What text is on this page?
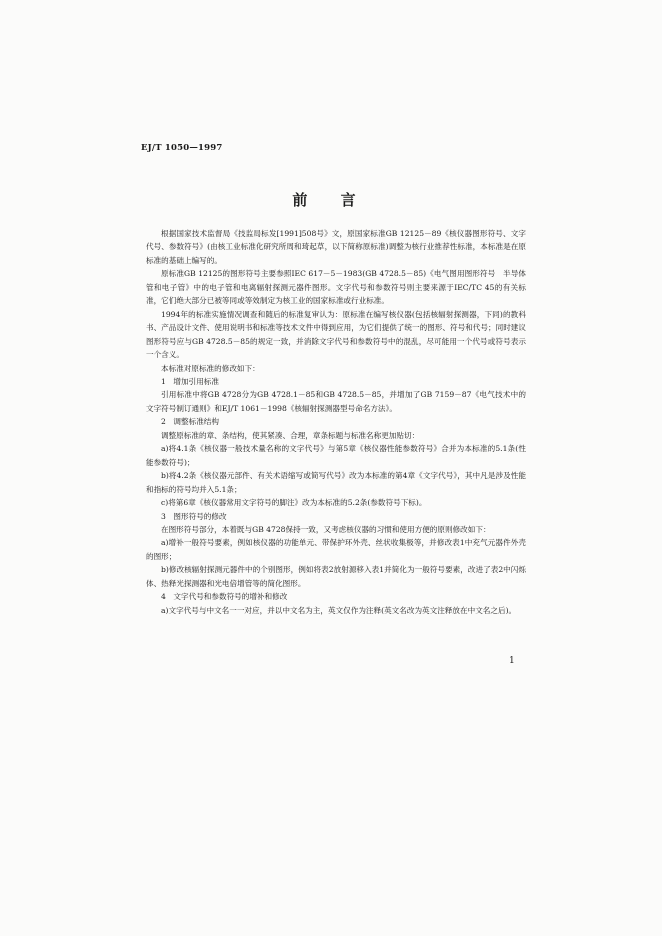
EJ/T 1050—1997
前 言

根据国家技术监督局《技监局标发[1991]508号》文，原国家标准GB 12125－89《核仪器图形符号、文字代号、参数符号》(由核工业标准化研究所周和琦起草，以下简称原标准)调整为核行业推荐性标准，本标准是在原标准的基础上编写的。

原标准GB 12125的图形符号主要参照IEC 617－5－1983(GB 4728.5－85)《电气图用图形符号　半导体管和电子管》中的电子管和电离辐射探测元器件图形。文字代号和参数符号则主要来源于IEC/TC 45的有关标准，它们绝大部分已被等同或等效制定为核工业的国家标准或行业标准。

1994年的标准实施情况调查和随后的标准复审认为：原标准在编写核仪器(包括核辐射探测器，下同)的教科书、产品设计文件、使用说明书和标准等技术文件中得到应用，为它们提供了统一的图形、符号和代号；同时建议图形符号应与GB 4728.5－85的规定一致，并消除文字代号和参数符号中的混乱，尽可能用一个代号或符号表示一个含义。

本标准对原标准的修改如下：

1　增加引用标准

引用标准中将GB 4728分为GB 4728.1－85和GB 4728.5－85，并增加了GB 7159－87《电气技术中的文字符号制订通则》和EJ/T 1061－1998《核辐射探测器型号命名方法》。

2　调整标准结构

调整原标准的章、条结构，使其紧凑、合理，章条标题与标准名称更加贴切：

a)将4.1条《核仪器一般技术量名称的文字代号》与第5章《核仪器性能参数符号》合并为本标准的5.1条(性能参数符号)；

b)将4.2条《核仪器元部件、有关术语缩写或简写代号》改为本标准的第4章《文字代号》，其中凡是涉及性能和指标的符号均并入5.1条；

c)将第6章《核仪器常用文字符号的脚注》改为本标准的5.2条(参数符号下标)。

3　图形符号的修改

在图形符号部分，本着既与GB 4728保持一致，又考虑核仪器的习惯和使用方便的原则修改如下：

a)增补一般符号要素，例如核仪器的功能单元、带保护环外壳、丝状收集极等，并修改表1中充气元器件外壳的图形；

b)修改核辐射探测元器件中的个别图形，例如将表2放射源移入表1并简化为一般符号要素，改进了表2中闪烁体、热释光探测器和光电倍增管等的简化图形。

4　文字代号和参数符号的增补和修改

a)文字代号与中文名一一对应，并以中文名为主，英文仅作为注释(英文名改为英文注释放在中文名之后)。

1
